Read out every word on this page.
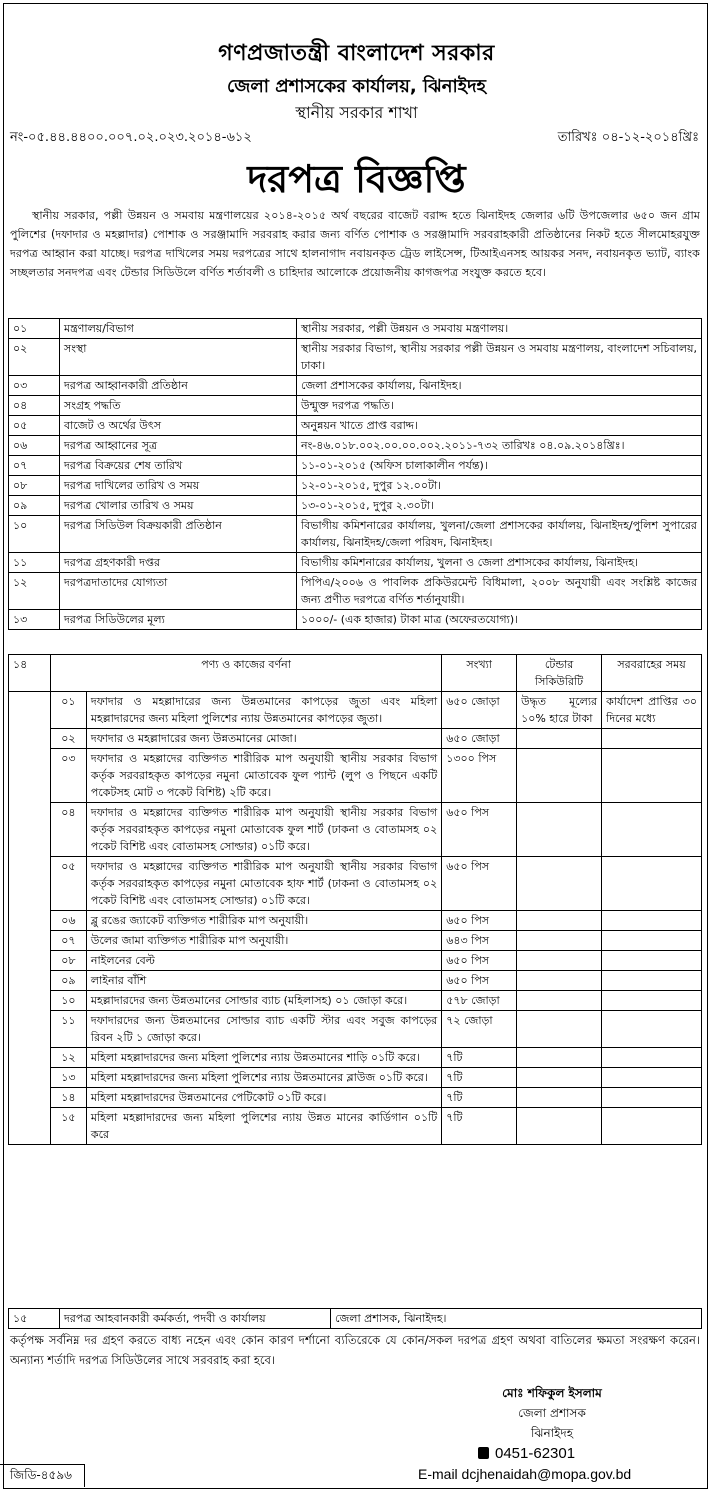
গণপ্রজাতন্ত্রী বাংলাদেশ সরকার
জেলা প্রশাসকের কার্যালয়, ঝিনাইদহ
স্থানীয় সরকার শাখা
নং-০৫.৪৪.৪৪০০.০০৭.০২.০২৩.২০১৪-৬১২	তারিখঃ ০৪-১২-২০১৪খ্রিঃ
দরপত্র বিজ্ঞপ্তি
স্থানীয় সরকার, পল্লী উন্নয়ন ও সমবায় মন্ত্রণালয়ের ২০১৪-২০১৫ অর্থ বছরের বাজেট বরাদ্দ হতে ঝিনাইদহ জেলার ৬টি উপজেলার ৬৫০ জন গ্রাম পুলিশের (দফাদার ও মহল্লাদার) পোশাক ও সরঞ্জামাদি সরবরাহ করার জন্য বর্ণিত পোশাক ও সরঞ্জামাদি সরবরাহকারী প্রতিষ্ঠানের নিকট হতে সীলমোহরযুক্ত দরপত্র আহ্বান করা যাচ্ছে। দরপত্র দাখিলের সময় দরপত্রের সাথে হালনাগাদ নবায়নকৃত ট্রেড লাইসেন্স, টিআইএনসহ আয়কর সনদ, নবায়নকৃত ভ্যাট, ব্যাংক সচ্ছলতার সনদপত্র এবং টেন্ডার সিডিউলে বর্ণিত শর্তাবলী ও চাহিদার আলোকে প্রয়োজনীয় কাগজপত্র সংযুক্ত করতে হবে।
০১	মন্ত্রণালয়/বিভাগ	স্থানীয় সরকার, পল্লী উন্নয়ন ও সমবায় মন্ত্রণালয়।
০২	সংস্থা	স্থানীয় সরকার বিভাগ, স্থানীয় সরকার পল্লী উন্নয়ন ও সমবায় মন্ত্রণালয়, বাংলাদেশ সচিবালয়, ঢাকা।
০৩	দরপত্র আহ্বানকারী প্রতিষ্ঠান	জেলা প্রশাসকের কার্যালয়, ঝিনাইদহ।
০৪	সংগ্রহ পদ্ধতি	উন্মুক্ত দরপত্র পদ্ধতি।
০৫	বাজেট ও অর্থের উৎস	অনুন্নয়ন খাতে প্রাপ্ত বরাদ্দ।
০৬	দরপত্র আহ্বানের সূত্র	নং-৪৬.০১৮.০০২.০০.০০.০০২.২০১১-৭৩২ তারিখঃ ০৪.০৯.২০১৪খ্রিঃ।
০৭	দরপত্র বিক্রয়ের শেষ তারিখ	১১-০১-২০১৫ (অফিস চালাকালীন পর্যন্ত)।
০৮	দরপত্র দাখিলের তারিখ ও সময়	১২-০১-২০১৫, দুপুর ১২.০০টা।
০৯	দরপত্র খোলার তারিখ ও সময়	১৩-০১-২০১৫, দুপুর ২.৩০টা।
১০	দরপত্র সিডিউল বিক্রয়কারী প্রতিষ্ঠান	বিভাগীয় কমিশনারের কার্যালয়, খুলনা/জেলা প্রশাসকের কার্যালয়, ঝিনাইদহ/পুলিশ সুপারের কার্যালয়, ঝিনাইদহ/জেলা পরিষদ, ঝিনাইদহ।
১১	দরপত্র গ্রহণকারী দপ্তর	বিভাগীয় কমিশনারের কার্যালয়, খুলনা ও জেলা প্রশাসকের কার্যালয়, ঝিনাইদহ।
১২	দরপত্রদাতাদের যোগ্যতা	পিপিএ/২০০৬ ও পাবলিক প্রকিউরমেন্ট বিধিমালা, ২০০৮ অনুযায়ী এবং সংশ্লিষ্ট কাজের জন্য প্রণীত দরপত্রে বর্ণিত শর্তানুযায়ী।
১৩	দরপত্র সিডিউলের মূল্য	১০০০/- (এক হাজার) টাকা মাত্র (অফেরতযোগ্য)।
১৪	পণ্য ও কাজের বর্ণনা		সংখ্যা	টেন্ডার সিকিউরিটি	সরবরাহের সময়
	০১	দফাদার ও মহল্লাদারের জন্য উন্নতমানের কাপড়ের জুতা এবং মহিলা মহল্লাদারদের জন্য মহিলা পুলিশের ন্যায় উন্নতমানের কাপড়ের জুতা।	৬৫০ জোড়া	উদ্ধৃত মূল্যের ১০% হারে টাকা	কার্যাদেশ প্রাপ্তির ৩০ দিনের মধ্যে
	০২	দফাদার ও মহল্লাদারের জন্য উন্নতমানের মোজা।	৬৫০ জোড়া		
	০৩	দফাদার ও মহল্লাদের ব্যক্তিগত শারীরিক মাপ অনুযায়ী স্থানীয় সরকার বিভাগ কর্তৃক সরবরাহকৃত কাপড়ের নমুনা মোতাবেক ফুল প্যান্ট (লুপ ও পিছনে একটি পকেটসহ মোট ৩ পকেট বিশিষ্ট) ২টি করে।	১৩০০ পিস		
	০৪	দফাদার ও মহল্লাদের ব্যক্তিগত শারীরিক মাপ অনুযায়ী স্থানীয় সরকার বিভাগ কর্তৃক সরবরাহকৃত কাপড়ের নমুনা মোতাবেক ফুল শার্ট (ঢাকনা ও বোতামসহ ০২ পকেট বিশিষ্ট এবং বোতামসহ সোল্ডার) ০১টি করে।	৬৫০ পিস		
	০৫	দফাদার ও মহল্লাদের ব্যক্তিগত শারীরিক মাপ অনুযায়ী স্থানীয় সরকার বিভাগ কর্তৃক সরবরাহকৃত কাপড়ের নমুনা মোতাবেক হাফ শার্ট (ঢাকনা ও বোতামসহ ০২ পকেট বিশিষ্ট এবং বোতামসহ সোল্ডার) ০১টি করে।	৬৫০ পিস		
	০৬	ব্লু রঙের জ্যাকেট ব্যক্তিগত শারীরিক মাপ অনুযায়ী।	৬৫০ পিস		
	০৭	উলের জামা ব্যক্তিগত শারীরিক মাপ অনুযায়ী।	৬৪৩ পিস		
	০৮	নাইলনের বেল্ট	৬৫০ পিস		
	০৯	লাইনার বাঁশি	৬৫০ পিস		
	১০	মহল্লাদারদের জন্য উন্নতমানের সোল্ডার ব্যাচ (মহিলাসহ) ০১ জোড়া করে।	৫৭৮ জোড়া		
	১১	দফাদারদের জন্য উন্নতমানের সোল্ডার ব্যাচ একটি স্টার এবং সবুজ কাপড়ের রিবন ২টি ১ জোড়া করে।	৭২ জোড়া		
	১২	মহিলা মহল্লাদারদের জন্য মহিলা পুলিশের ন্যায় উন্নতমানের শাড়ি ০১টি করে।	৭টি		
	১৩	মহিলা মহল্লাদারদের জন্য মহিলা পুলিশের ন্যায় উন্নতমানের ব্লাউজ ০১টি করে।	৭টি		
	১৪	মহিলা মহল্লাদারদের উন্নতমানের পেটিকোট ০১টি করে।	৭টি		
	১৫	মহিলা মহল্লাদারদের জন্য মহিলা পুলিশের ন্যায় উন্নত মানের কার্ডিগান ০১টি করে	৭টি		
১৫	দরপত্র আহবানকারী কর্মকর্তা, পদবী ও কার্যালয়	জেলা প্রশাসক, ঝিনাইদহ।
কর্তৃপক্ষ সর্বনিম্ন দর গ্রহণ করতে বাধ্য নহেন এবং কোন কারণ দর্শানো ব্যতিরেকে যে কোন/সকল দরপত্র গ্রহণ অথবা বাতিলের ক্ষমতা সংরক্ষণ করেন। অন্যান্য শর্তাদি দরপত্র সিডিউলের সাথে সরবরাহ করা হবে।
মোঃ শফিকুল ইসলাম
জেলা প্রশাসক
ঝিনাইদহ
0451-62301
E-mail dcjhenaidah@mopa.gov.bd
জিডি-৪৫৯৬
